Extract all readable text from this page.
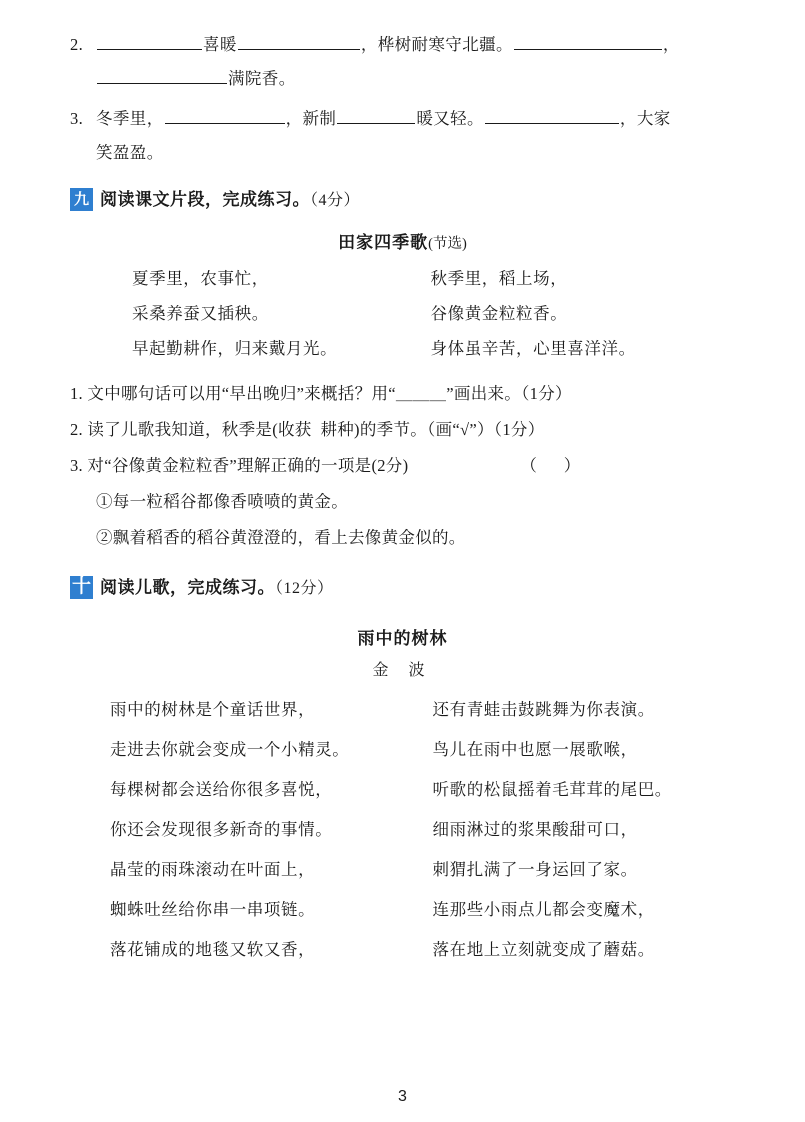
2.	喜暖	，桦树耐寒守北疆。	，
满院香。
3. 冬季里，	，新制	暖又轻。	，大家
笑盈盈。
九 阅读课文片段，完成练习。（4分）
田家四季歌(节选)
夏季里，农事忙，	秋季里，稻上场，
采桑养蚕又插秧。	谷像黄金粒粒香。
早起勤耕作，归来戴月光。	身体虽辛苦，心里喜洋洋。
1. 文中哪句话可以用“早出晚归”来概括？用“＿＿＿”画出来。（1分）
2. 读了儿歌我知道，秋季是(收获  耕种)的季节。（画“√”）（1分）
3. 对“谷像黄金粒粒香”理解正确的一项是(2分)	（      ）
①每一粒稻谷都像香喷喷的黄金。
②飘着稻香的稻谷黄澄澄的，看上去像黄金似的。
十 阅读儿歌，完成练习。（12分）
雨中的树林
金 波
雨中的树林是个童话世界，	还有青蛙击鼓跳舞为你表演。
走进去你就会变成一个小精灵。	鸟儿在雨中也愿一展歌喉，
每棵树都会送给你很多喜悦，	听歌的松鼠摇着毛茸茸的尾巴。
你还会发现很多新奇的事情。	细雨淋过的浆果酸甜可口，
晶莹的雨珠滚动在叶面上，	刺猬扎满了一身运回了家。
蜘蛛吐丝给你串一串项链。	连那些小雨点儿都会变魔术，
落花铺成的地毯又软又香，	落在地上立刻就变成了蘑菇。
3
